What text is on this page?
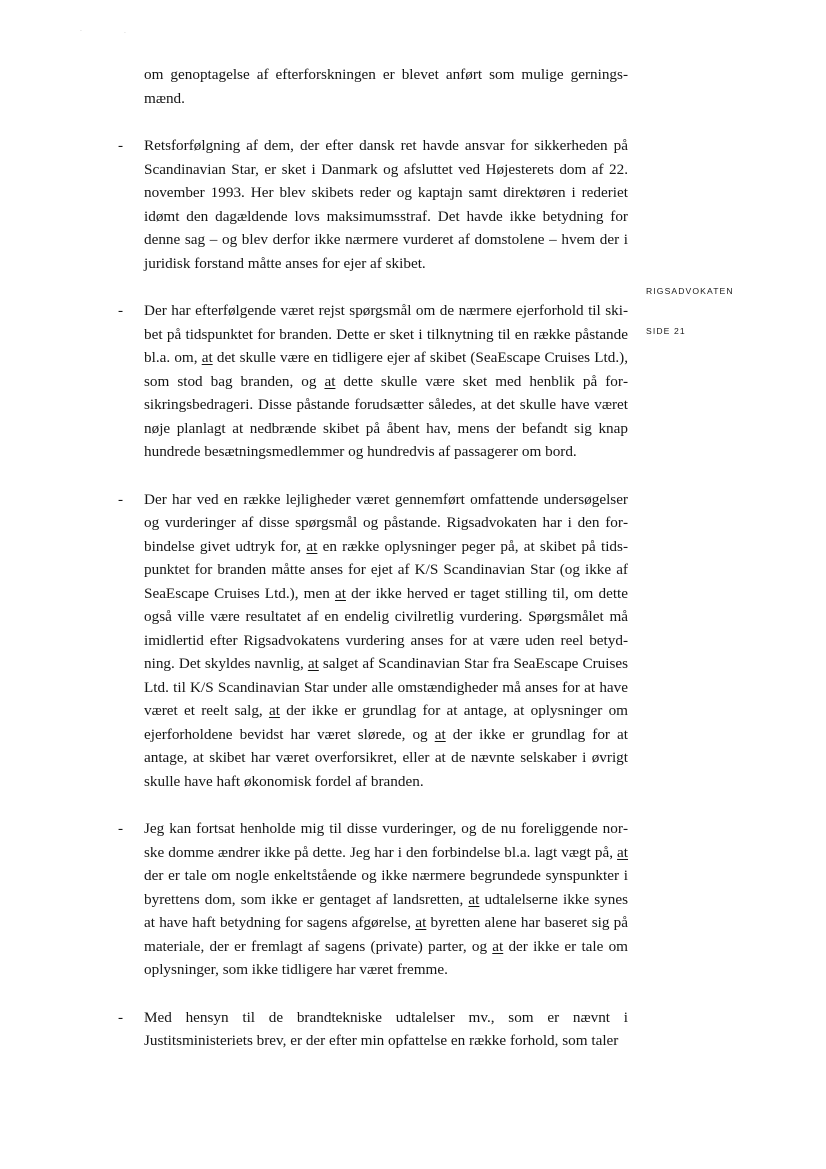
·	·
RIGSADVOKATEN
SIDE 21

om genoptagelse af efterforskningen er blevet anført som mulige gerningsmænd.

-	Retsforfølgning af dem, der efter dansk ret havde ansvar for sikkerheden på Scandinavian Star, er sket i Danmark og afsluttet ved Højesterets dom af 22. november 1993. Her blev skibets reder og kaptajn samt direktøren i rederiet idømt den dagældende lovs maksimumsstraf. Det havde ikke betydning for denne sag – og blev derfor ikke nærmere vurderet af domstolene – hvem der i juridisk forstand måtte anses for ejer af skibet.
-	Der har efterfølgende været rejst spørgsmål om de nærmere ejerforhold til skibet på tidspunktet for branden. Dette er sket i tilknytning til en række påstande bl.a. om, at det skulle være en tidligere ejer af skibet (SeaEscape Cruises Ltd.), som stod bag branden, og at dette skulle være sket med henblik på forsikringsbedrageri. Disse påstande forudsætter således, at det skulle have været nøje planlagt at nedbrænde skibet på åbent hav, mens der befandt sig knap hundrede besætningsmedlemmer og hundredvis af passagerer om bord.
-	Der har ved en række lejligheder været gennemført omfattende undersøgelser og vurderinger af disse spørgsmål og påstande. Rigsadvokaten har i den forbindelse givet udtryk for, at en række oplysninger peger på, at skibet på tidspunktet for branden måtte anses for ejet af K/S Scandinavian Star (og ikke af SeaEscape Cruises Ltd.), men at der ikke herved er taget stilling til, om dette også ville være resultatet af en endelig civilretlig vurdering. Spørgsmålet må imidlertid efter Rigsadvokatens vurdering anses for at være uden reel betydning. Det skyldes navnlig, at salget af Scandinavian Star fra SeaEscape Cruises Ltd. til K/S Scandinavian Star under alle omstændigheder må anses for at have været et reelt salg, at der ikke er grundlag for at antage, at oplysninger om ejerforholdene bevidst har været slørede, og at der ikke er grundlag for at antage, at skibet har været overforsikret, eller at de nævnte selskaber i øvrigt skulle have haft økonomisk fordel af branden.
-	Jeg kan fortsat henholde mig til disse vurderinger, og de nu foreliggende norske domme ændrer ikke på dette. Jeg har i den forbindelse bl.a. lagt vægt på, at der er tale om nogle enkeltstående og ikke nærmere begrundede synspunkter i byrettens dom, som ikke er gentaget af landsretten, at udtalelserne ikke synes at have haft betydning for sagens afgørelse, at byretten alene har baseret sig på materiale, der er fremlagt af sagens (private) parter, og at der ikke er tale om oplysninger, som ikke tidligere har været fremme.
-	Med hensyn til de brandtekniske udtalelser mv., som er nævnt i Justitsministeriets brev, er der efter min opfattelse en række forhold, som taler
